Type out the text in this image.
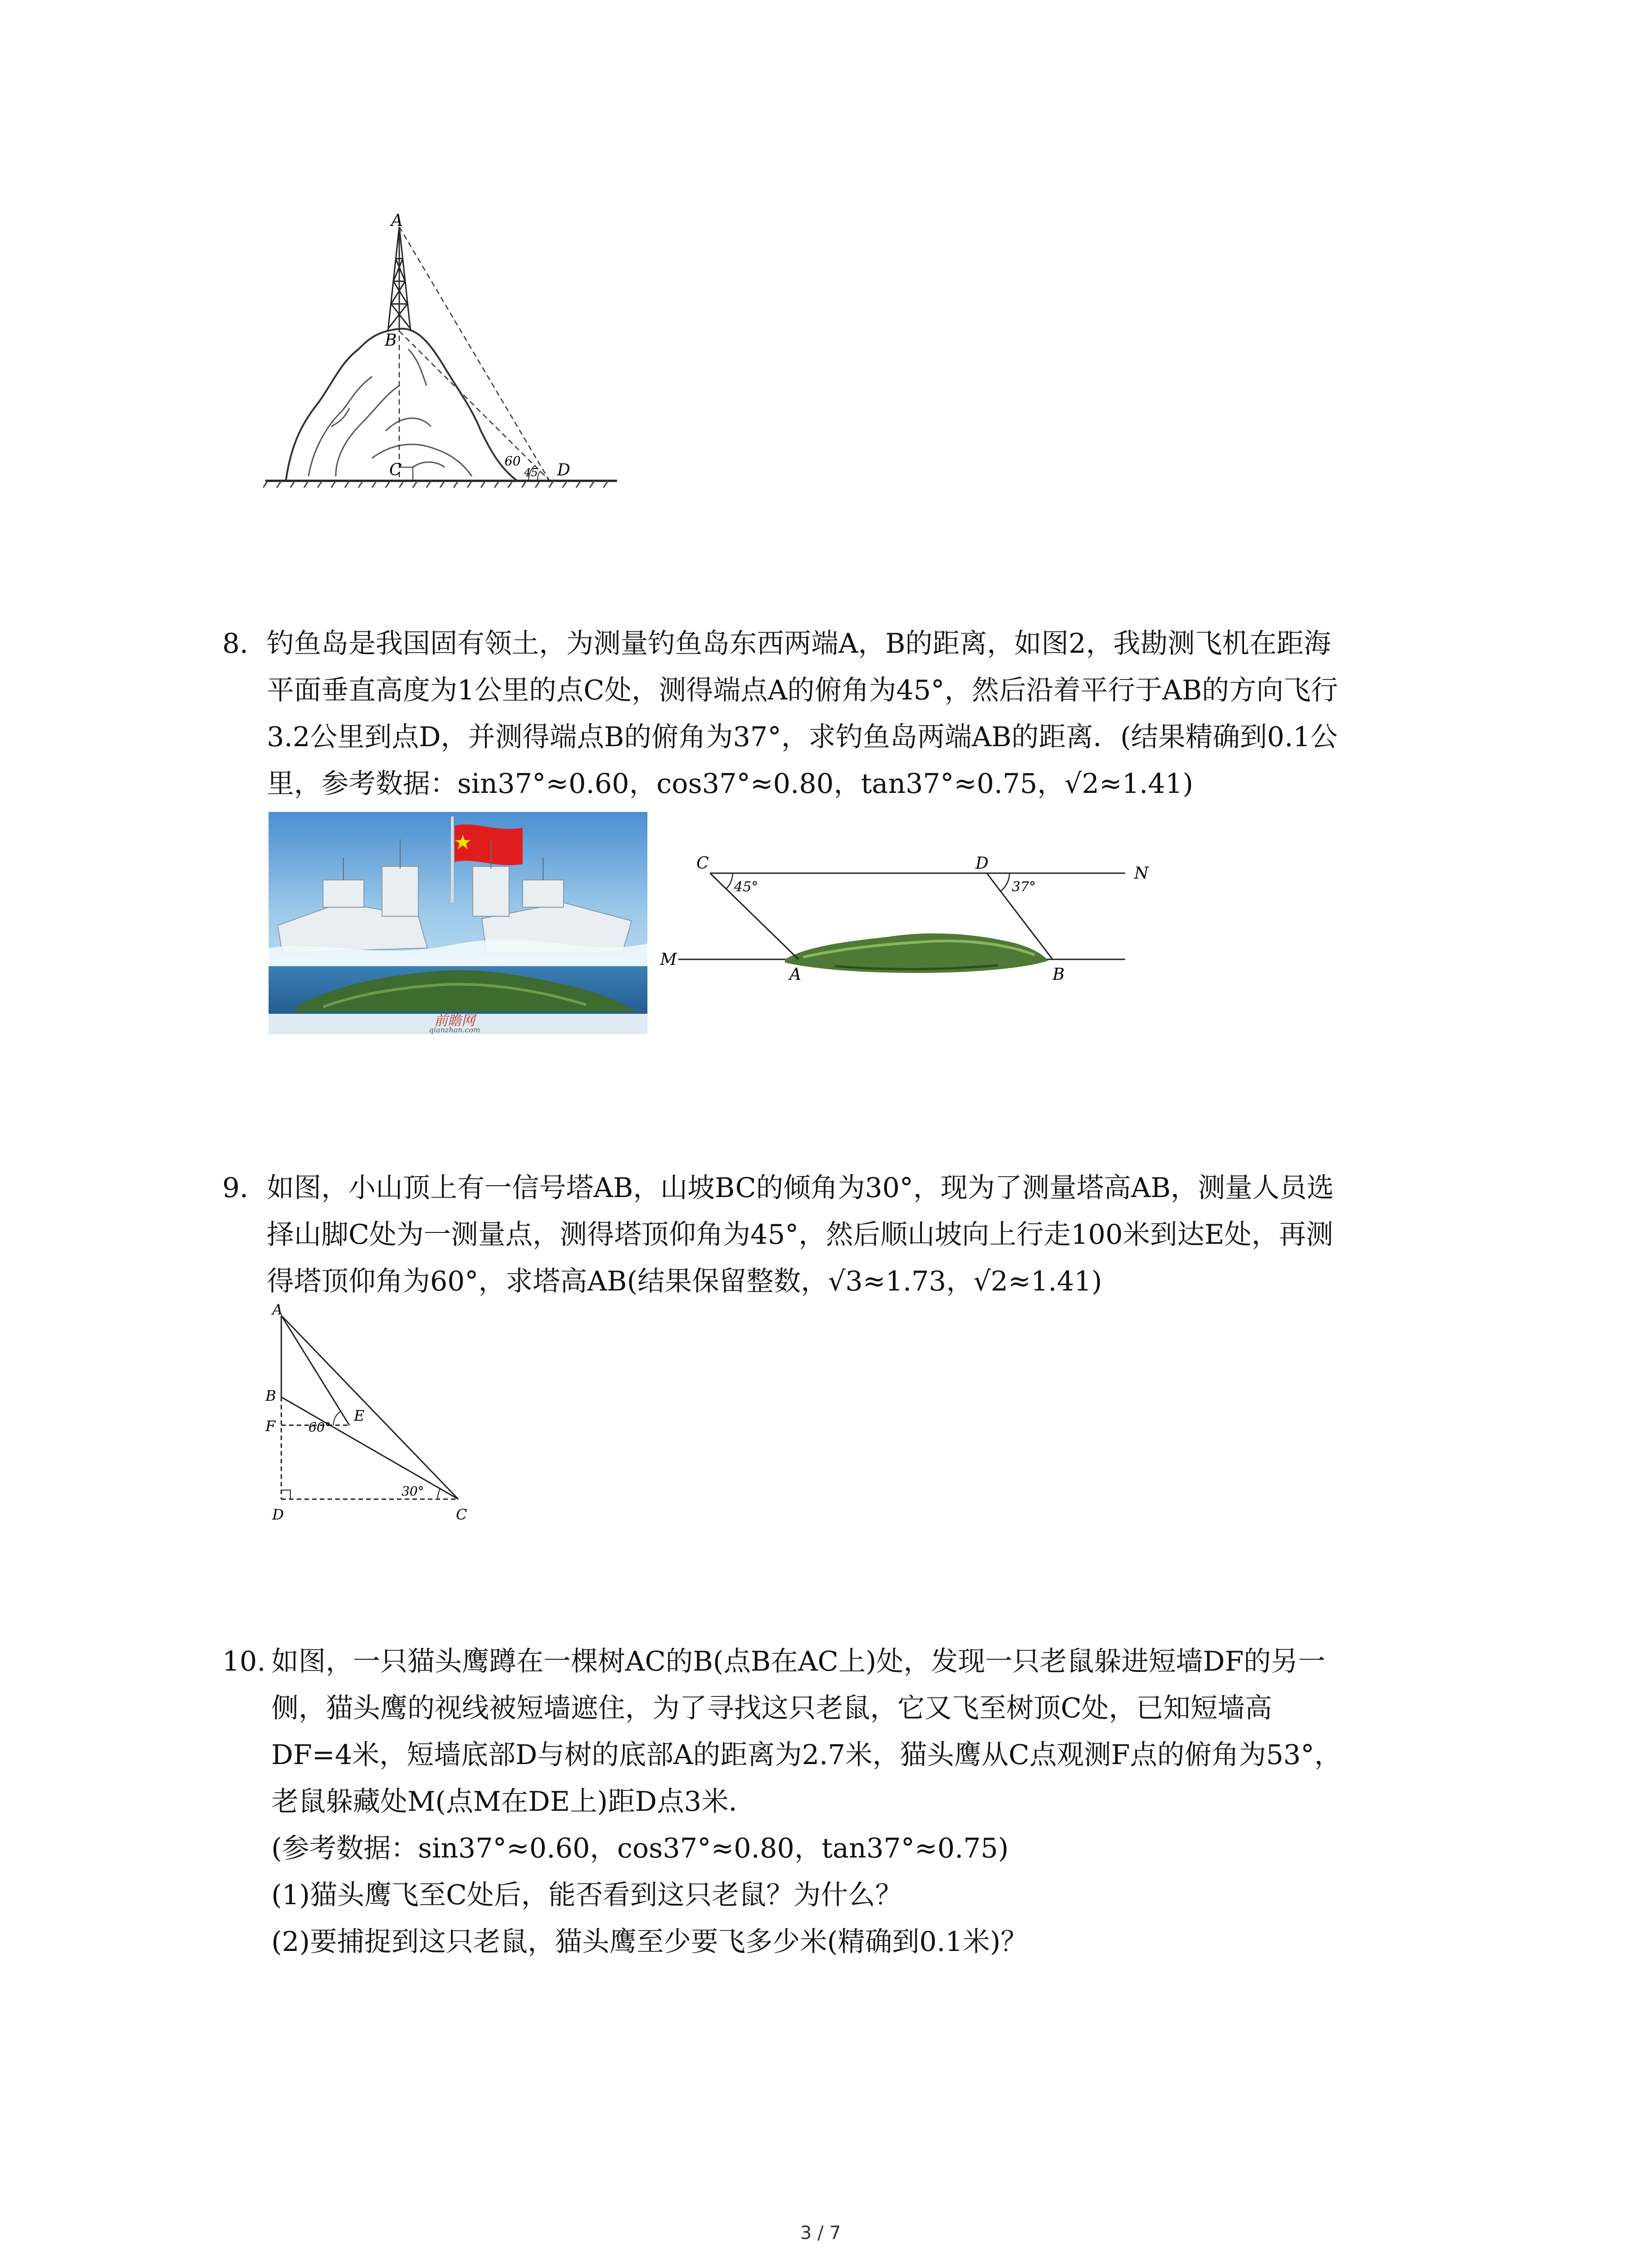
A
B
C	D
60
45

8. 钓鱼岛是我国固有领土，为测量钓鱼岛东西两端A，B的距离，如图2，我勘测飞机在距海

平面垂直高度为1公里的点C处，测得端点A的俯角为45°，然后沿着平行于AB的方向飞行

3.2公里到点D，并测得端点B的俯角为37°，求钓鱼岛两端AB的距离．(结果精确到0.1公

里，参考数据：sin37°≈0.60，cos37°≈0.80，tan37°≈0.75，√2≈1.41)

前瞻网
qianzhan.com
C	D
N
M
A	B
45°	37°

9. 如图，小山顶上有一信号塔AB，山坡BC的倾角为30°，现为了测量塔高AB，测量人员选

择山脚C处为一测量点，测得塔顶仰角为45°，然后顺山坡向上行走100米到达E处，再测

得塔顶仰角为60°，求塔高AB(结果保留整数，√3≈1.73，√2≈1.41)

A
B
F
E
D	C
60°
30°

10. 如图，一只猫头鹰蹲在一棵树AC的B(点B在AC上)处，发现一只老鼠躲进短墙DF的另一

侧，猫头鹰的视线被短墙遮住，为了寻找这只老鼠，它又飞至树顶C处，已知短墙高

DF=4米，短墙底部D与树的底部A的距离为2.7米，猫头鹰从C点观测F点的俯角为53°，

老鼠躲藏处M(点M在DE上)距D点3米．

(参考数据：sin37°≈0.60，cos37°≈0.80，tan37°≈0.75)

(1)猫头鹰飞至C处后，能否看到这只老鼠？为什么？

(2)要捕捉到这只老鼠，猫头鹰至少要飞多少米(精确到0.1米)？

3 / 7
